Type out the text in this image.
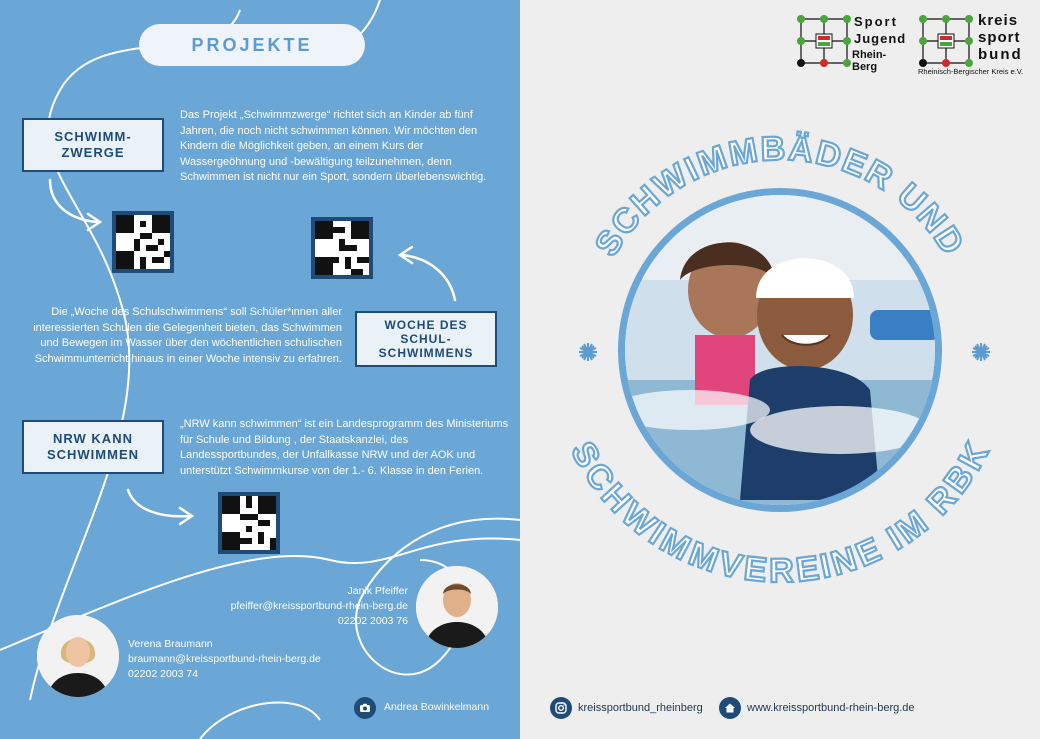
PROJEKTE
SCHWIMM-
ZWERGE
Das Projekt „Schwimmzwerge“ richtet sich an Kinder ab fünf Jahren, die noch nicht schwimmen können. Wir möchten den Kindern die Möglichkeit geben, an einem Kurs der Wassergeöhnung und -bewältigung teilzunehmen, denn Schwimmen ist nicht nur ein Sport, sondern überlebenswichtig.
Die „Woche des Schulschwimmens“ soll Schüler*innen aller interessierten Schulen die Gelegenheit bieten, das Schwimmen und Bewegen im Wasser über den wöchentlichen schulischen Schwimmunterricht hinaus in einer Woche intensiv zu erfahren.
WOCHE DES
SCHUL-
SCHWIMMENS
NRW KANN
SCHWIMMEN
„NRW kann schwimmen“ ist ein Landesprogramm des Ministeriums für Schule und Bildung , der Staatskanzlei, des Landessportbundes, der Unfallkasse NRW und der AOK und unterstützt Schwimmkurse von der 1.- 6. Klasse in den Ferien.
Janik Pfeiffer
pfeiffer@kreissportbund-rhein-berg.de
02202 2003 76
Verena Braumann
braumann@kreissportbund-rhein-berg.de
02202 2003 74
Andrea Bowinkelmann
Sport
Jugend
Rhein-Berg
kreis
sport
bund
Rheinisch-Bergischer Kreis e.V.
SCHWIMMBÄDER UND
SCHWIMMVEREINE IM RBK
kreissportbund_rheinberg	www.kreissportbund-rhein-berg.de
